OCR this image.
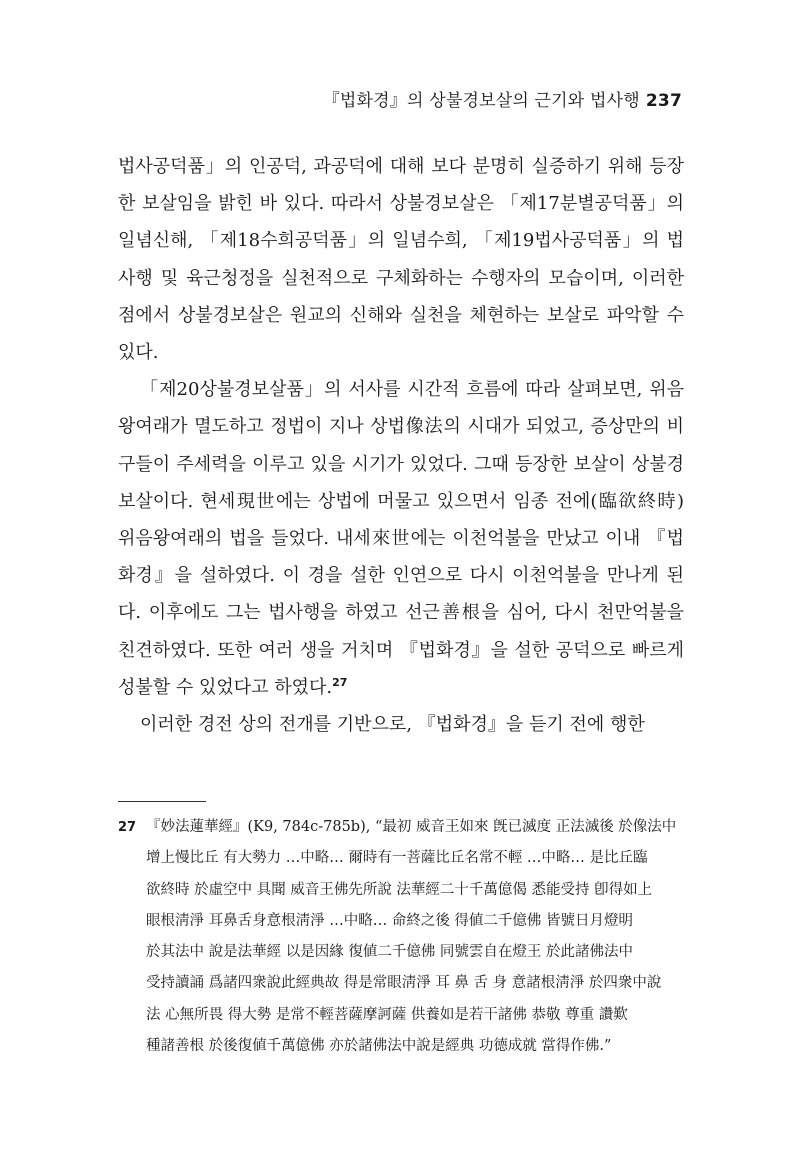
『법화경』의 상불경보살의 근기와 법사행 237

법사공덕품」의 인공덕, 과공덕에 대해 보다 분명히 실증하기 위해 등장한 보살임을 밝힌 바 있다. 따라서 상불경보살은 「제17분별공덕품」의 일념신해, 「제18수희공덕품」의 일념수희, 「제19법사공덕품」의 법사행 및 육근청정을 실천적으로 구체화하는 수행자의 모습이며, 이러한 점에서 상불경보살은 원교의 신해와 실천을 체현하는 보살로 파악할 수 있다.

「제20상불경보살품」의 서사를 시간적 흐름에 따라 살펴보면, 위음왕여래가 멸도하고 정법이 지나 상법像法의 시대가 되었고, 증상만의 비구들이 주세력을 이루고 있을 시기가 있었다. 그때 등장한 보살이 상불경보살이다. 현세現世에는 상법에 머물고 있으면서 임종 전에(臨欲終時) 위음왕여래의 법을 들었다. 내세來世에는 이천억불을 만났고 이내 『법화경』을 설하였다. 이 경을 설한 인연으로 다시 이천억불을 만나게 된다. 이후에도 그는 법사행을 하였고 선근善根을 심어, 다시 천만억불을 친견하였다. 또한 여러 생을 거치며 『법화경』을 설한 공덕으로 빠르게 성불할 수 있었다고 하였다.$^{27}$

이러한 경전 상의 전개를 기반으로, 『법화경』을 듣기 전에 행한

27 『妙法蓮華經』(K9, 784c-785b), “最初 威音王如來 旣已滅度 正法滅後 於像法中
增上慢比丘 有大勢力 …中略… 爾時有一菩薩比丘名常不輕 …中略… 是比丘臨
欲終時 於虛空中 具聞 威音王佛先所說 法華經二十千萬億偈 悉能受持 卽得如上
眼根淸淨 耳鼻舌身意根淸淨 …中略… 命終之後 得値二千億佛 皆號日月燈明
於其法中 說是法華經 以是因緣 復値二千億佛 同號雲自在燈王 於此諸佛法中
受持讀誦 爲諸四衆說此經典故 得是常眼淸淨 耳 鼻 舌 身 意諸根淸淨 於四衆中說
法 心無所畏 得大勢 是常不輕菩薩摩訶薩 供養如是若干諸佛 恭敬 尊重 讚歎
種諸善根 於後復値千萬億佛 亦於諸佛法中說是經典 功德成就 當得作佛.”
